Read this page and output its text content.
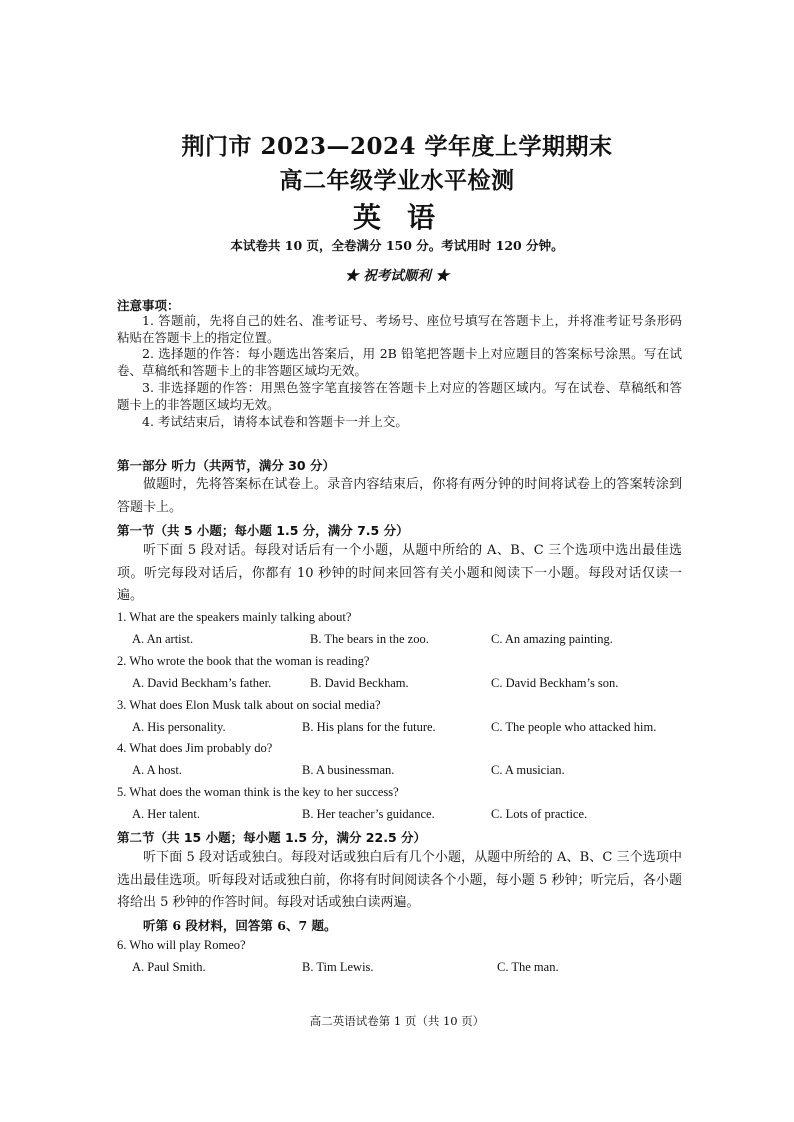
荆门市 2023—2024 学年度上学期期末
高二年级学业水平检测
英语
本试卷共 10 页，全卷满分 150 分。考试用时 120 分钟。
★ 祝考试顺利 ★
注意事项：

1. 答题前，先将自己的姓名、准考证号、考场号、座位号填写在答题卡上，并将准考证号条形码粘贴在答题卡上的指定位置。

2. 选择题的作答：每小题选出答案后，用 2B 铅笔把答题卡上对应题目的答案标号涂黑。写在试卷、草稿纸和答题卡上的非答题区域均无效。

3. 非选择题的作答：用黑色签字笔直接答在答题卡上对应的答题区域内。写在试卷、草稿纸和答题卡上的非答题区域均无效。

4. 考试结束后，请将本试卷和答题卡一并上交。

第一部分 听力（共两节，满分 30 分）

做题时，先将答案标在试卷上。录音内容结束后，你将有两分钟的时间将试卷上的答案转涂到答题卡上。

第一节（共 5 小题；每小题 1.5 分，满分 7.5 分）

听下面 5 段对话。每段对话后有一个小题，从题中所给的 A、B、C 三个选项中选出最佳选项。听完每段对话后，你都有 10 秒钟的时间来回答有关小题和阅读下一小题。每段对话仅读一遍。

1. What are the speakers mainly talking about?
A. An artist.	B. The bears in the zoo.	C. An amazing painting.
2. Who wrote the book that the woman is reading?
A. David Beckham’s father.	B. David Beckham.	C. David Beckham’s son.
3. What does Elon Musk talk about on social media?
A. His personality.	B. His plans for the future.	C. The people who attacked him.
4. What does Jim probably do?
A. A host.	B. A businessman.	C. A musician.
5. What does the woman think is the key to her success?
A. Her talent.	B. Her teacher’s guidance.	C. Lots of practice.
第二节（共 15 小题；每小题 1.5 分，满分 22.5 分）

听下面 5 段对话或独白。每段对话或独白后有几个小题，从题中所给的 A、B、C 三个选项中选出最佳选项。听每段对话或独白前，你将有时间阅读各个小题，每小题 5 秒钟；听完后，各小题将给出 5 秒钟的作答时间。每段对话或独白读两遍。

听第 6 段材料，回答第 6、7 题。
6. Who will play Romeo?
A. Paul Smith.	B. Tim Lewis.	C. The man.
高二英语试卷第 1 页（共 10 页）
